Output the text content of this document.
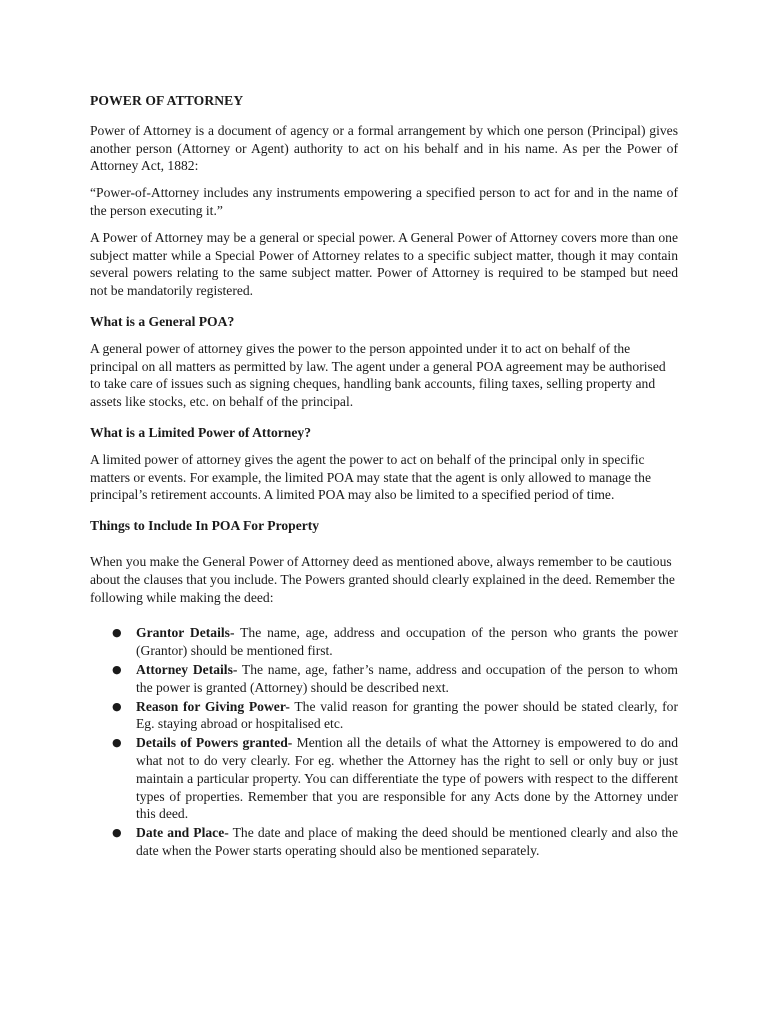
POWER OF ATTORNEY

Power of Attorney is a document of agency or a formal arrangement by which one person (Principal) gives another person (Attorney or Agent) authority to act on his behalf and in his name. As per the Power of Attorney Act, 1882:

“Power-of-Attorney includes any instruments empowering a specified person to act for and in the name of the person executing it.”

A Power of Attorney may be a general or special power. A General Power of Attorney covers more than one subject matter while a Special Power of Attorney relates to a specific subject matter, though it may contain several powers relating to the same subject matter. Power of Attorney is required to be stamped but need not be mandatorily registered.

What is a General POA?

A general power of attorney gives the power to the person appointed under it to act on behalf of the principal on all matters as permitted by law. The agent under a general POA agreement may be authorised to take care of issues such as signing cheques, handling bank accounts, filing taxes, selling property and assets like stocks, etc. on behalf of the principal.

What is a Limited Power of Attorney?

A limited power of attorney gives the agent the power to act on behalf of the principal only in specific matters or events. For example, the limited POA may state that the agent is only allowed to manage the principal’s retirement accounts. A limited POA may also be limited to a specified period of time.

Things to Include In POA For Property

When you make the General Power of Attorney deed as mentioned above, always remember to be cautious about the clauses that you include. The Powers granted should clearly explained in the deed. Remember the following while making the deed:

● Grantor Details- The name, age, address and occupation of the person who grants the power (Grantor) should be mentioned first.
● Attorney Details- The name, age, father’s name, address and occupation of the person to whom the power is granted (Attorney) should be described next.
● Reason for Giving Power- The valid reason for granting the power should be stated clearly, for Eg. staying abroad or hospitalised etc.
● Details of Powers granted- Mention all the details of what the Attorney is empowered to do and what not to do very clearly. For eg. whether the Attorney has the right to sell or only buy or just maintain a particular property. You can differentiate the type of powers with respect to the different types of properties. Remember that you are responsible for any Acts done by the Attorney under this deed.
● Date and Place- The date and place of making the deed should be mentioned clearly and also the date when the Power starts operating should also be mentioned separately.
